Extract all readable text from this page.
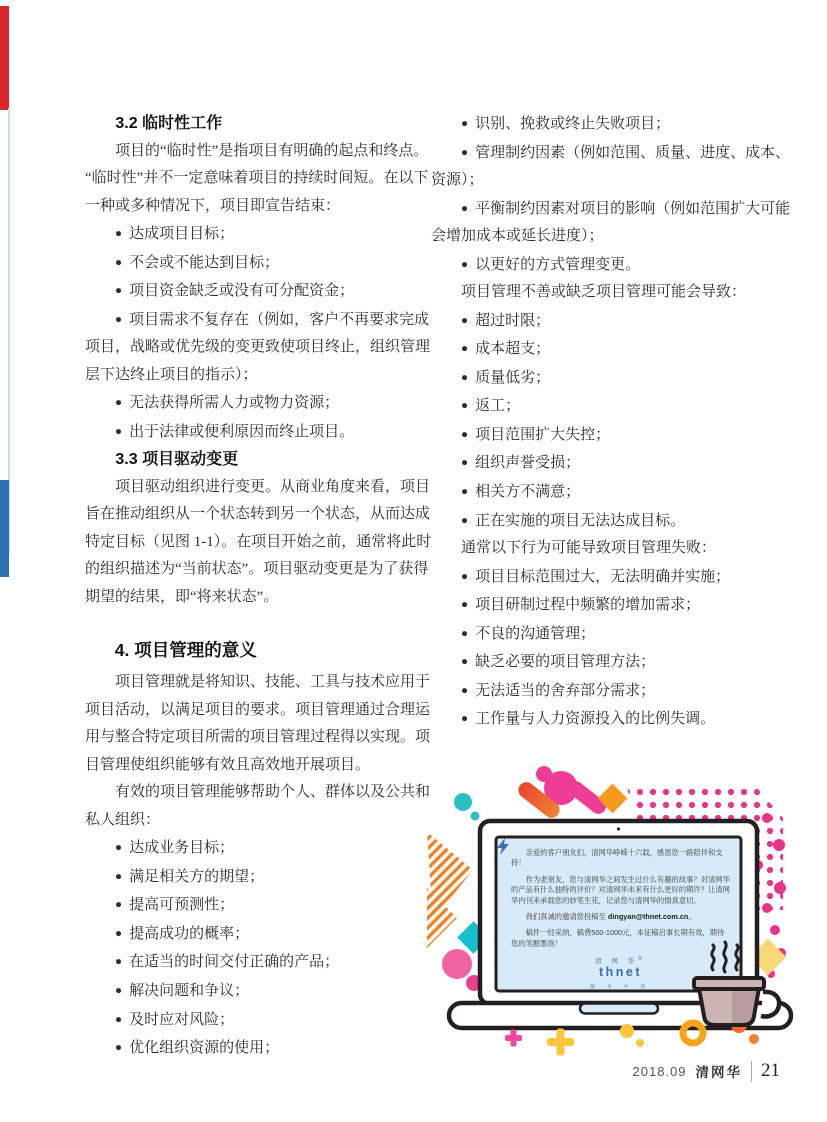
3.2 临时性工作

项目的“临时性”是指项目有明确的起点和终点。“临时性”并不一定意味着项目的持续时间短。在以下一种或多种情况下，项目即宣告结束：

● 达成项目目标；
● 不会或不能达到目标；
● 项目资金缺乏或没有可分配资金；
● 项目需求不复存在（例如，客户不再要求完成项目，战略或优先级的变更致使项目终止，组织管理层下达终止项目的指示）；
● 无法获得所需人力或物力资源；
● 出于法律或便利原因而终止项目。
3.3 项目驱动变更

项目驱动组织进行变更。从商业角度来看，项目旨在推动组织从一个状态转到另一个状态，从而达成特定目标（见图 1-1）。在项目开始之前，通常将此时的组织描述为“当前状态”。项目驱动变更是为了获得期望的结果，即“将来状态”。

4. 项目管理的意义

项目管理就是将知识、技能、工具与技术应用于项目活动，以满足项目的要求。项目管理通过合理运用与整合特定项目所需的项目管理过程得以实现。项目管理使组织能够有效且高效地开展项目。

有效的项目管理能够帮助个人、群体以及公共和私人组织：

● 达成业务目标；
● 满足相关方的期望；
● 提高可预测性；
● 提高成功的概率；
● 在适当的时间交付正确的产品；
● 解决问题和争议；
● 及时应对风险；
● 优化组织资源的使用；
● 识别、挽救或终止失败项目；
● 管理制约因素（例如范围、质量、进度、成本、资源）；
● 平衡制约因素对项目的影响（例如范围扩大可能会增加成本或延长进度）；
● 以更好的方式管理变更。

项目管理不善或缺乏项目管理可能会导致：

● 超过时限；
● 成本超支；
● 质量低劣；
● 返工；
● 项目范围扩大失控；
● 组织声誉受损；
● 相关方不满意；
● 正在实施的项目无法达成目标。

通常以下行为可能导致项目管理失败：

● 项目目标范围过大，无法明确并实施；
● 项目研制过程中频繁的增加需求；
● 不良的沟通管理；
● 缺乏必要的项目管理方法；
● 无法适当的舍弃部分需求；
● 工作量与人力资源投入的比例失调。

亲爱的客户朋友们，清网华峥嵘十六载，感恩您一路陪伴和支持！

作为老朋友，您与清网华之间发生过什么有趣的故事？对清网华的产品有什么独特的评价？对清网华未来有什么更好的期许？让清网华内刊来承载您的妙笔生花，记录您与清网华的情真意切。

我们真诚的邀请您投稿至 dingyan@thnet.com.cn。

稿件一经采纳，稿费500-1000元，本征稿启事长期有效，期待您的笔酣墨饱！

清 网 华®
thnet
服 务 中 国
2018.09 清网华 21
